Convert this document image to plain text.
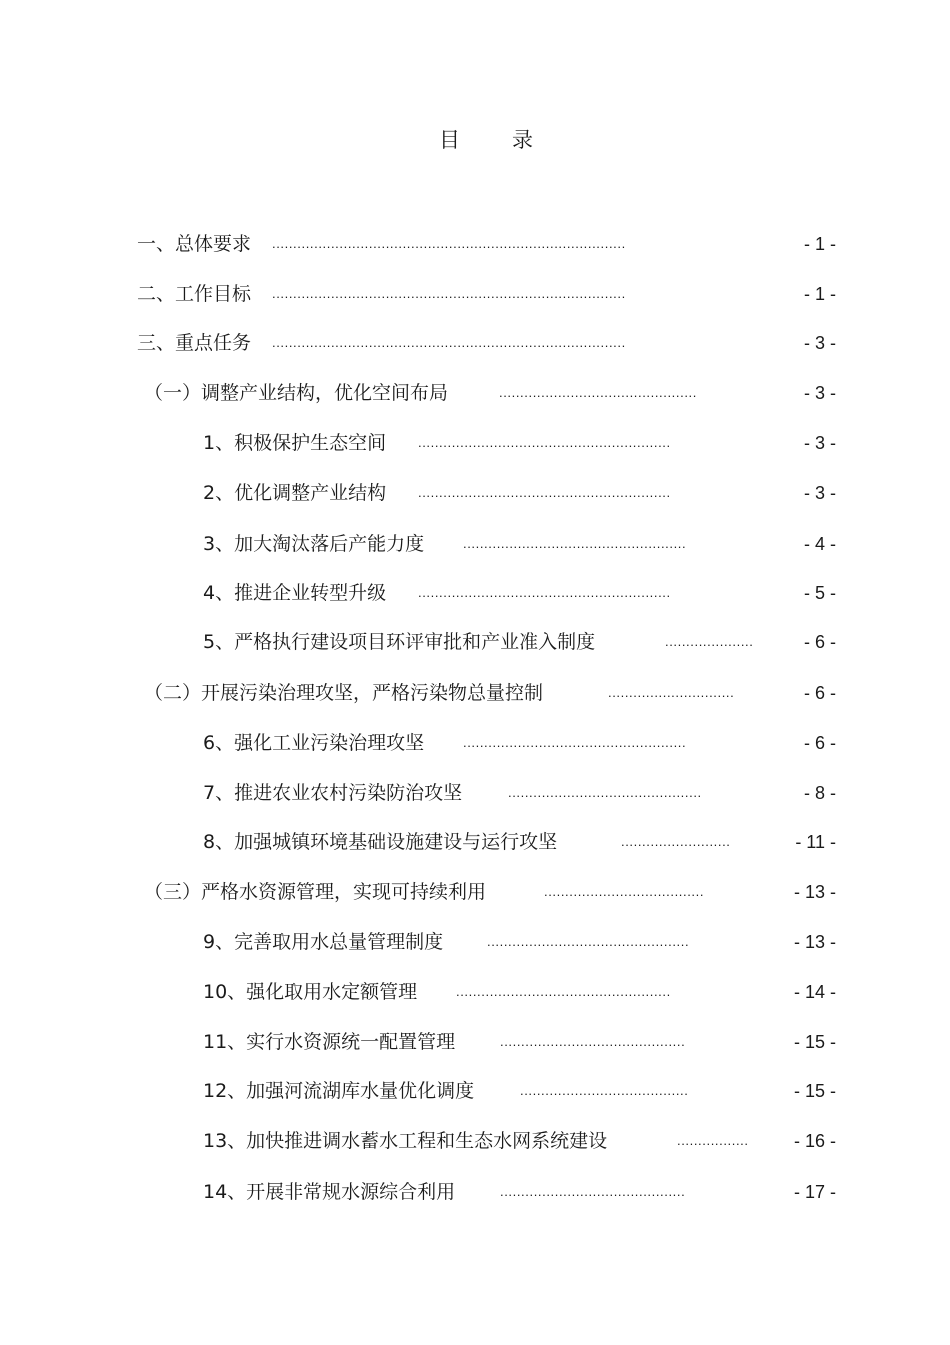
目录
一、总体要求 ....................................................................................	- 1 -
二、工作目标 ....................................................................................	- 1 -
三、重点任务 ....................................................................................	- 3 -
（一）调整产业结构，优化空间布局	...............................................	- 3 -
1、积极保护生态空间 ............................................................	- 3 -
2、优化调整产业结构 ............................................................	- 3 -
3、加大淘汰落后产能力度	.....................................................	- 4 -
4、推进企业转型升级 ............................................................	- 5 -
5、严格执行建设项目环评审批和产业准入制度	.....................	- 6 -
（二）开展污染治理攻坚，严格污染物总量控制	..............................	- 6 -
6、强化工业污染治理攻坚	.....................................................	- 6 -
7、推进农业农村污染防治攻坚	..............................................	- 8 -
8、加强城镇环境基础设施建设与运行攻坚	..........................	- 11 -
（三）严格水资源管理，实现可持续利用	......................................	- 13 -
9、完善取用水总量管理制度	................................................	- 13 -
10、强化取用水定额管理	...................................................	- 14 -
11、实行水资源统一配置管理	............................................	- 15 -
12、加强河流湖库水量优化调度	........................................	- 15 -
13、加快推进调水蓄水工程和生态水网系统建设	.................	- 16 -
14、开展非常规水源综合利用	............................................	- 17 -
